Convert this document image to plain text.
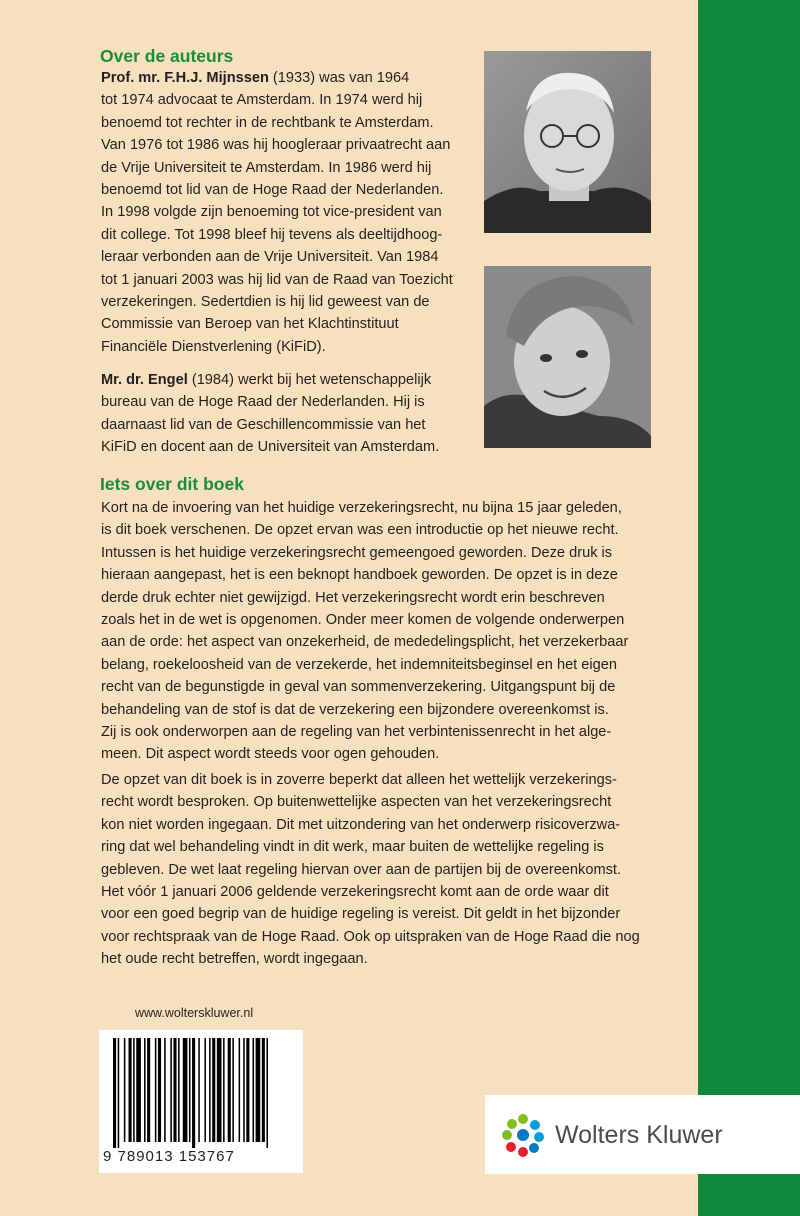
Over de auteurs

Prof. mr. F.H.J. Mijnssen (1933) was van 1964
tot 1974 advocaat te Amsterdam. In 1974 werd hij
benoemd tot rechter in de rechtbank te Amsterdam.
Van 1976 tot 1986 was hij hoogleraar privaatrecht aan
de Vrije Universiteit te Amsterdam. In 1986 werd hij
benoemd tot lid van de Hoge Raad der Nederlanden.
In 1998 volgde zijn benoeming tot vice-president van
dit college. Tot 1998 bleef hij tevens als deeltijdhoog-
leraar verbonden aan de Vrije Universiteit. Van 1984
tot 1 januari 2003 was hij lid van de Raad van Toezicht
verzekeringen. Sedertdien is hij lid geweest van de
Commissie van Beroep van het Klachtinstituut
Financiële Dienstverlening (KiFiD).

Mr. dr. Engel (1984) werkt bij het wetenschappelijk
bureau van de Hoge Raad der Nederlanden. Hij is
daarnaast lid van de Geschillencommissie van het
KiFiD en docent aan de Universiteit van Amsterdam.

Iets over dit boek

Kort na de invoering van het huidige verzekeringsrecht, nu bijna 15 jaar geleden,
is dit boek verschenen. De opzet ervan was een introductie op het nieuwe recht.
Intussen is het huidige verzekeringsrecht gemeengoed geworden. Deze druk is
hieraan aangepast, het is een beknopt handboek geworden. De opzet is in deze
derde druk echter niet gewijzigd. Het verzekeringsrecht wordt erin beschreven
zoals het in de wet is opgenomen. Onder meer komen de volgende onderwerpen
aan de orde: het aspect van onzekerheid, de mededelingsplicht, het verzekerbaar
belang, roekeloosheid van de verzekerde, het indemniteitsbeginsel en het eigen
recht van de begunstigde in geval van sommenverzekering. Uitgangspunt bij de
behandeling van de stof is dat de verzekering een bijzondere overeenkomst is.
Zij is ook onderworpen aan de regeling van het verbintenissenrecht in het alge-
meen. Dit aspect wordt steeds voor ogen gehouden.

De opzet van dit boek is in zoverre beperkt dat alleen het wettelijk verzekerings-
recht wordt besproken. Op buitenwettelijke aspecten van het verzekeringsrecht
kon niet worden ingegaan. Dit met uitzondering van het onderwerp risicoverzwa-
ring dat wel behandeling vindt in dit werk, maar buiten de wettelijke regeling is
gebleven. De wet laat regeling hiervan over aan de partijen bij de overeenkomst.
Het vóór 1 januari 2006 geldende verzekeringsrecht komt aan de orde waar dit
voor een goed begrip van de huidige regeling is vereist. Dit geldt in het bijzonder
voor rechtspraak van de Hoge Raad. Ook op uitspraken van de Hoge Raad die nog
het oude recht betreffen, wordt ingegaan.

www.wolterskluwer.nl

9 789013 153767

Wolters Kluwer
